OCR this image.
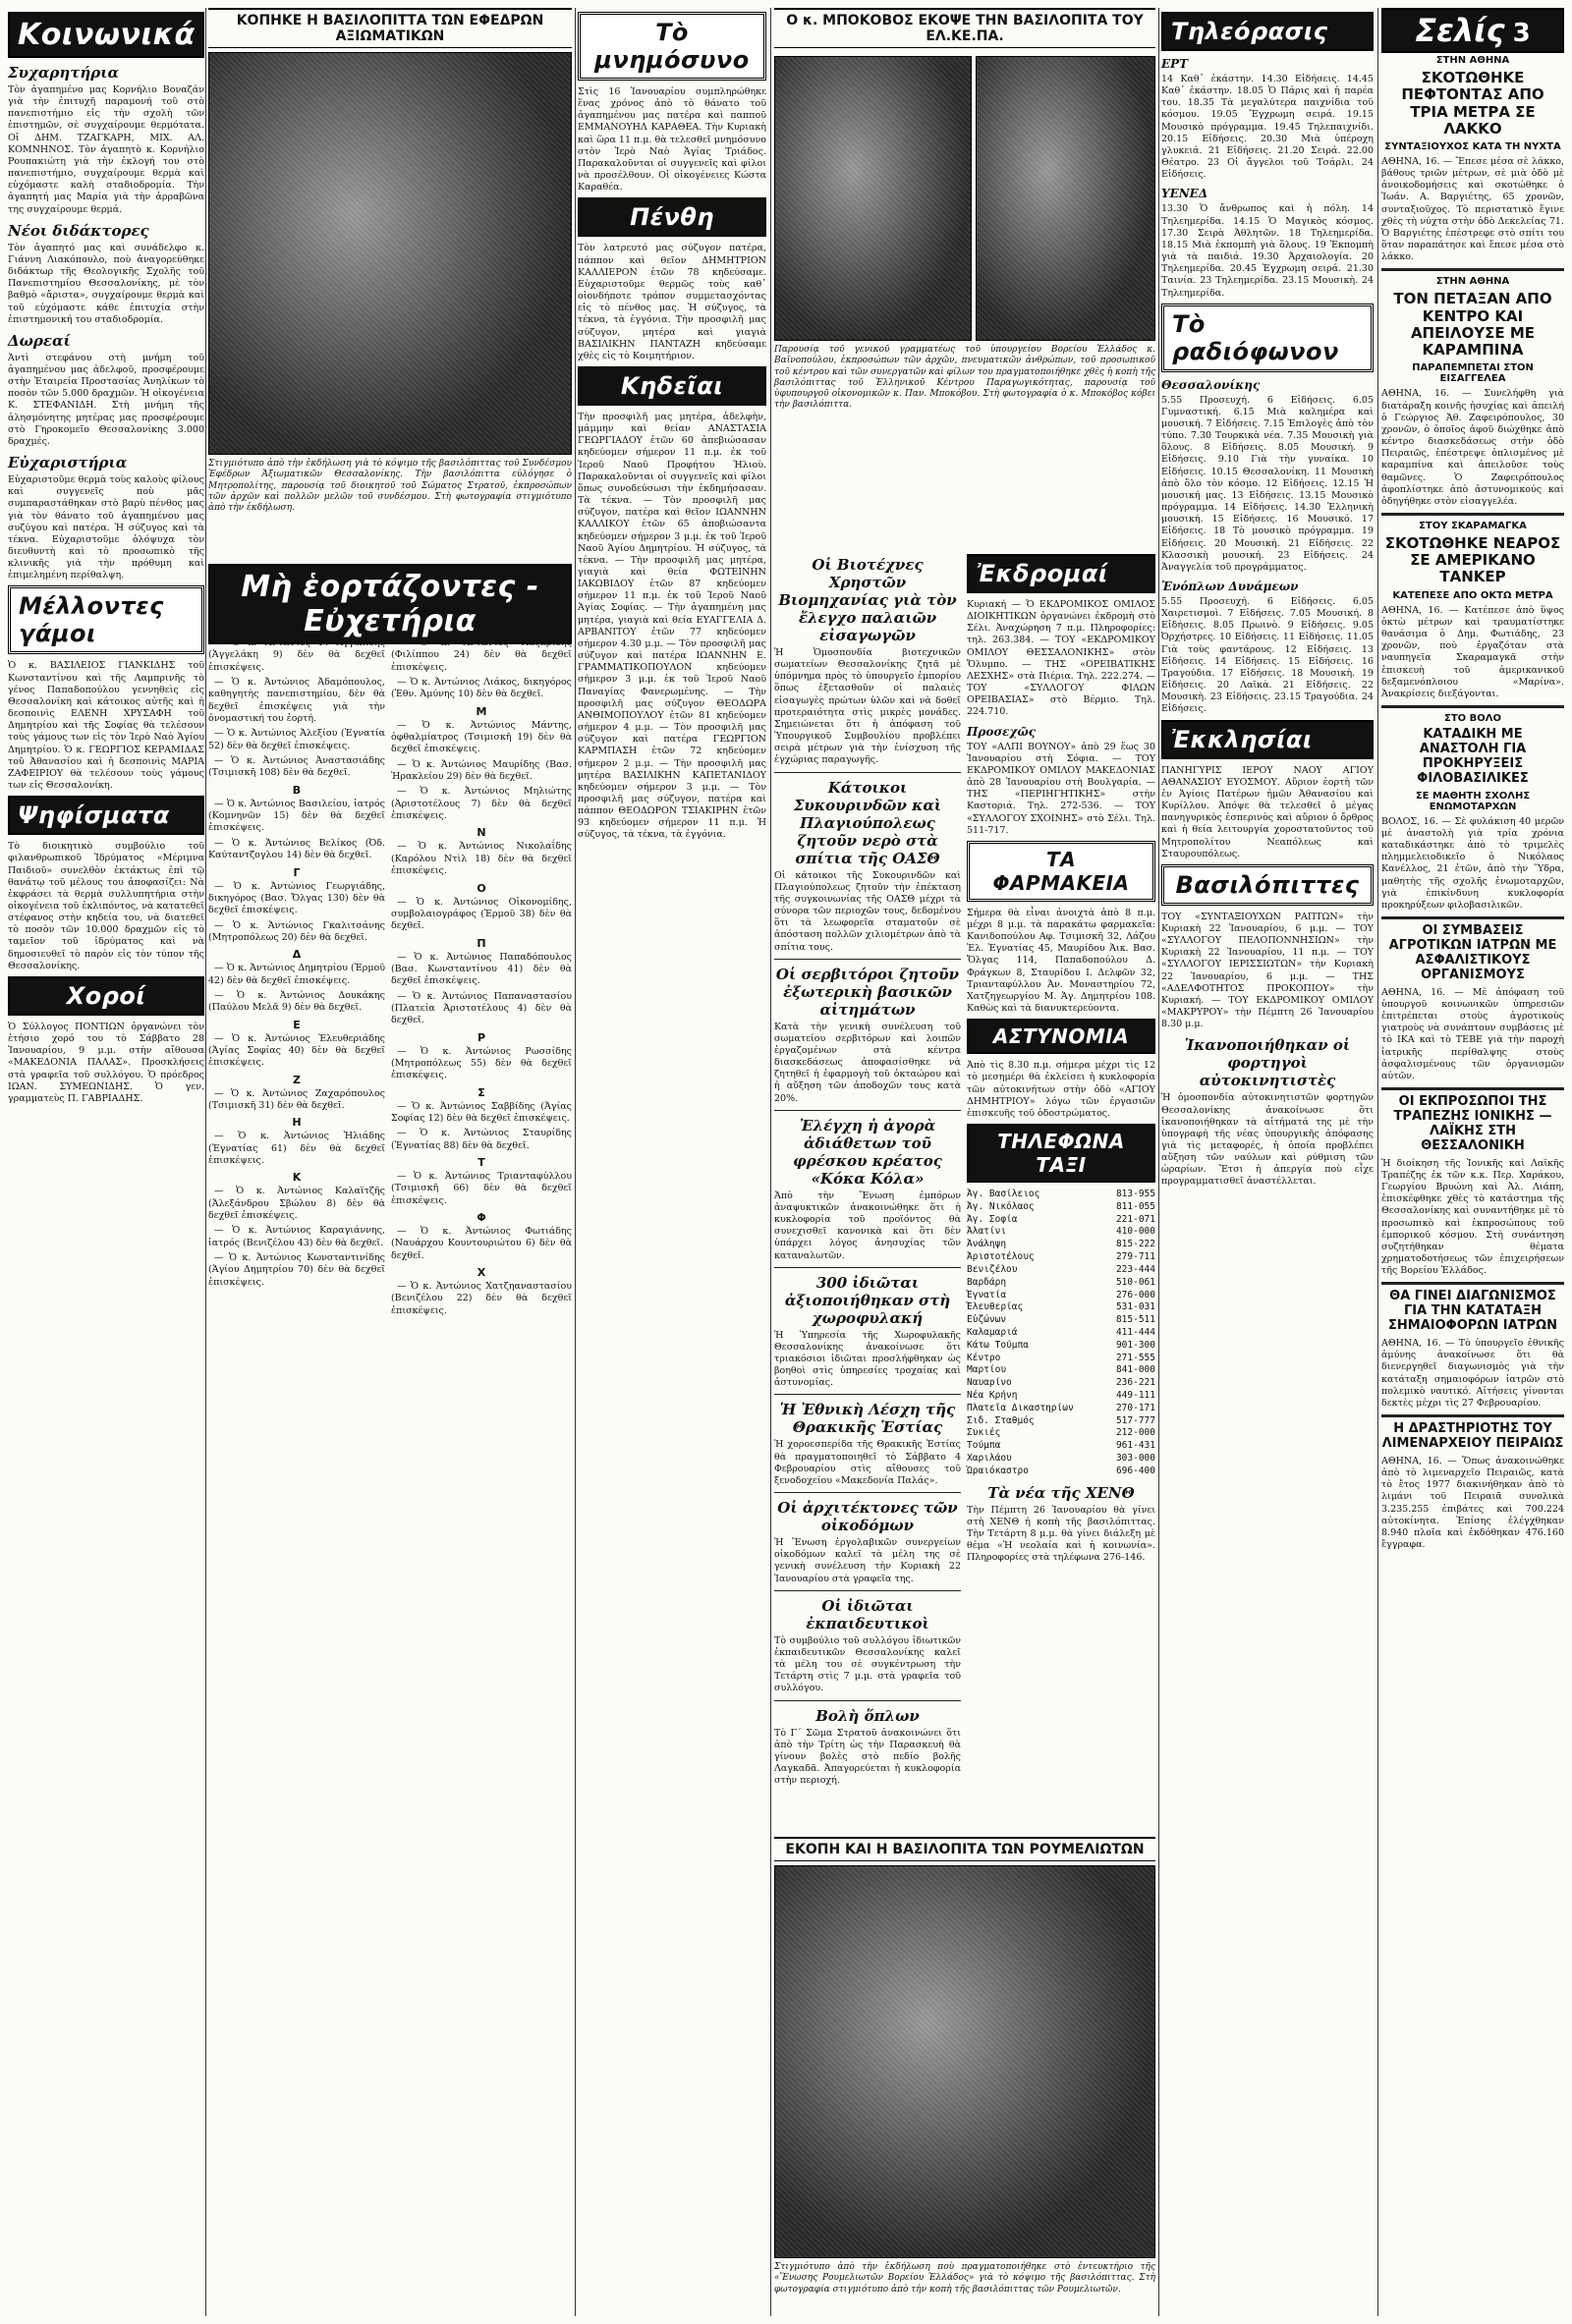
Κοινωνικά
Συχαρητήρια

Τὸν ἀγαπημένο μας Κορνήλιο Βοναζάν γιὰ τὴν ἐπιτυχῆ παραμονή τοῦ στὸ πανεπιστήμιο εἰς τὴν σχολὴ τῶν ἐπιστημῶν, σὲ συγχαίρουμε θερμότατα. Οἱ ΔΗΜ. ΤΖΑΓΚΑΡΗ, ΜΙΧ. ΑΛ. ΚΟΜΝΗΝΟΣ. Τὸν ἀγαπητὸ κ. Κορνήλιο Ρουπακιώτη γιὰ τὴν ἐκλογή του στὸ πανεπιστήμιο, συγχαίρουμε θερμὰ καὶ εὐχόμαστε καλὴ σταδιοδρομία. Τὴν ἀγαπητή μας Μαρία γιὰ τὴν ἀρραβῶνα της συγχαίρουμε θερμά.

Νέοι διδάκτορες

Τὸν ἀγαπητό μας καὶ συνάδελφο κ. Γιάννη Λιακόπουλο, ποὺ ἀναγορεύθηκε διδάκτωρ τῆς Θεολογικῆς Σχολῆς τοῦ Πανεπιστημίου Θεσσαλονίκης, μὲ τὸν βαθμὸ «ἄριστα», συγχαίρουμε θερμὰ καὶ τοῦ εὐχόμαστε κάθε ἐπιτυχία στὴν ἐπιστημονική του σταδιοδρομία.

Δωρεαί

Ἀντὶ στεφάνου στὴ μνήμη τοῦ ἀγαπημένου μας ἀδελφοῦ, προσφέρουμε στὴν Ἑταιρεία Προστασίας Ἀνηλίκων τὸ ποσὸν τῶν 5.000 δραχμῶν. Ἡ οἰκογένεια Κ. ΣΤΕΦΑΝΙΔΗ. Στὴ μνήμη τῆς ἀλησμόνητης μητέρας μας προσφέρουμε στὸ Γηροκομεῖο Θεσσαλονίκης 3.000 δραχμές.

Εὐχαριστήρια

Εὐχαριστοῦμε θερμὰ τοὺς καλοὺς φίλους καὶ συγγενεῖς ποὺ μᾶς συμπαραστάθηκαν στὸ βαρὺ πένθος μας γιὰ τὸν θάνατο τοῦ ἀγαπημένου μας συζύγου καὶ πατέρα. Ἡ σύζυγος καὶ τὰ τέκνα. Εὐχαριστοῦμε ὁλόψυχα τὸν διευθυντὴ καὶ τὸ προσωπικὸ τῆς κλινικῆς γιὰ τὴν πρόθυμη καὶ ἐπιμελημένη περίθαλψη.

Μέλλοντες γάμοι

Ὁ κ. ΒΑΣΙΛΕΙΟΣ ΓΙΑΝΚΙΔΗΣ τοῦ Κωνσταντίνου καὶ τῆς Λαμπρινῆς τὸ γένος Παπαδοπούλου γεννηθεὶς εἰς Θεσσαλονίκη καὶ κάτοικος αὐτῆς καὶ ἡ δεσποινὶς ΕΛΕΝΗ ΧΡΥΣΑΦΗ τοῦ Δημητρίου καὶ τῆς Σοφίας θὰ τελέσουν τοὺς γάμους των εἰς τὸν Ἱερὸ Ναὸ Ἁγίου Δημητρίου. Ὁ κ. ΓΕΩΡΓΙΟΣ ΚΕΡΑΜΙΔΑΣ τοῦ Ἀθανασίου καὶ ἡ δεσποινὶς ΜΑΡΙΑ ΖΑΦΕΙΡΙΟΥ θὰ τελέσουν τοὺς γάμους των εἰς Θεσσαλονίκη.

Ψηφίσματα

Τὸ διοικητικὸ συμβούλιο τοῦ φιλανθρωπικοῦ Ἱδρύματος «Μέριμνα Παιδιοῦ» συνελθὸν ἐκτάκτως ἐπὶ τῷ θανάτῳ τοῦ μέλους του ἀποφασίζει: Νὰ ἐκφράσει τὰ θερμὰ συλλυπητήρια στὴν οἰκογένεια τοῦ ἐκλιπόντος, νὰ κατατεθεῖ στέφανος στὴν κηδεία του, νὰ διατεθεῖ τὸ ποσὸν τῶν 10.000 δραχμῶν εἰς τὸ ταμεῖον τοῦ ἱδρύματος καὶ νὰ δημοσιευθεῖ τὸ παρὸν εἰς τὸν τύπον τῆς Θεσσαλονίκης.

Χοροί

Ὁ Σύλλογος ΠΟΝΤΙΩΝ ὀργανώνει τὸν ἐτήσιο χορό του τὸ Σάββατο 28 Ἰανουαρίου, 9 μ.μ. στὴν αἴθουσα «ΜΑΚΕΔΟΝΙΑ ΠΑΛΑΣ». Προσκλήσεις στὰ γραφεῖα τοῦ συλλόγου. Ὁ πρόεδρος ΙΩΑΝ. ΣΥΜΕΩΝΙΔΗΣ. Ὁ γεν. γραμματεὺς Π. ΓΑΒΡΙΑΔΗΣ.

ΚΟΠΗΚΕ Η ΒΑΣΙΛΟΠΙΤΤΑ ΤΩΝ ΕΦΕΔΡΩΝ ΑΞΙΩΜΑΤΙΚΩΝ

Στιγμιότυπο ἀπὸ τὴν ἐκδήλωση γιὰ τὸ κόψιμο τῆς βασιλόπιττας τοῦ Συνδέσμου Ἐφέδρων Ἀξιωματικῶν Θεσσαλονίκης. Τὴν βασιλόπιττα εὐλόγησε ὁ Μητροπολίτης, παρουσίᾳ τοῦ διοικητοῦ τοῦ Σώματος Στρατοῦ, ἐκπροσώπων τῶν ἀρχῶν καὶ πολλῶν μελῶν τοῦ συνδέσμου. Στὴ φωτογραφία στιγμιότυπο ἀπὸ τὴν ἐκδήλωση.

Μὴ ἑορτάζοντες - Εὐχετήρια
Α

— Ὁ κ. Ἀντώνιος Γ. Ἀγγελίδης (Ἀγγελάκη 9) δὲν θὰ δεχθεῖ ἐπισκέψεις.

— Ὁ κ. Ἀντώνιος Ἀδαμόπουλος, καθηγητὴς πανεπιστημίου, δὲν θὰ δεχθεῖ ἐπισκέψεις γιὰ τὴν ὀνομαστική του ἑορτή.

— Ὁ κ. Ἀντώνιος Ἀλεξίου (Ἐγνατία 52) δὲν θὰ δεχθεῖ ἐπισκέψεις.

— Ὁ κ. Ἀντώνιος Ἀναστασιάδης (Τσιμισκῆ 108) δὲν θὰ δεχθεῖ.

Β

— Ὁ κ. Ἀντώνιος Βασιλείου, ἰατρός (Κομνηνῶν 15) δὲν θὰ δεχθεῖ ἐπισκέψεις.

— Ὁ κ. Ἀντώνιος Βελίκος (Ὀδ. Καύταντζογλου 14) δὲν θὰ δεχθεῖ.

Γ

— Ὁ κ. Ἀντώνιος Γεωργιάδης, δικηγόρος (Βασ. Ὄλγας 130) δὲν θὰ δεχθεῖ ἐπισκέψεις.

— Ὁ κ. Ἀντώνιος Γκαλιτσάνης (Μητροπόλεως 20) δὲν θὰ δεχθεῖ.

Δ

— Ὁ κ. Ἀντώνιος Δημητρίου (Ἑρμοῦ 42) δὲν θὰ δεχθεῖ ἐπισκέψεις.

— Ὁ κ. Ἀντώνιος Δουκάκης (Παύλου Μελᾶ 9) δὲν θὰ δεχθεῖ.

Ε

— Ὁ κ. Ἀντώνιος Ἐλευθεριάδης (Ἀγίας Σοφίας 40) δὲν θὰ δεχθεῖ ἐπισκέψεις.

Ζ

— Ὁ κ. Ἀντώνιος Ζαχαρόπουλος (Τσιμισκῆ 31) δὲν θὰ δεχθεῖ.

Η

— Ὁ κ. Ἀντώνιος Ἠλιάδης (Ἐγνατίας 61) δὲν θὰ δεχθεῖ ἐπισκέψεις.

Κ

— Ὁ κ. Ἀντώνιος Καλαϊτζῆς (Ἀλεξάνδρου Σβώλου 8) δὲν θὰ δεχθεῖ ἐπισκέψεις.

— Ὁ κ. Ἀντώνιος Καραγιάννης, ἰατρός (Βενιζέλου 43) δὲν θὰ δεχθεῖ.

— Ὁ κ. Ἀντώνιος Κωνσταντινίδης (Ἁγίου Δημητρίου 70) δὲν θὰ δεχθεῖ ἐπισκέψεις.

Λ

— Ὁ κ. Ἀντώνιος Λαζαρίδης (Φιλίππου 24) δὲν θὰ δεχθεῖ ἐπισκέψεις.

— Ὁ κ. Ἀντώνιος Λιάκος, δικηγόρος (Ἐθν. Ἀμύνης 10) δὲν θὰ δεχθεῖ.

Μ

— Ὁ κ. Ἀντώνιος Μάντης, ὀφθαλμίατρος (Τσιμισκῆ 19) δὲν θὰ δεχθεῖ ἐπισκέψεις.

— Ὁ κ. Ἀντώνιος Μαυρίδης (Βασ. Ἡρακλείου 29) δὲν θὰ δεχθεῖ.

— Ὁ κ. Ἀντώνιος Μηλιώτης (Ἀριστοτέλους 7) δὲν θὰ δεχθεῖ ἐπισκέψεις.

Ν

— Ὁ κ. Ἀντώνιος Νικολαΐδης (Καρόλου Ντὶλ 18) δὲν θὰ δεχθεῖ ἐπισκέψεις.

Ο

— Ὁ κ. Ἀντώνιος Οἰκονομίδης, συμβολαιογράφος (Ἑρμοῦ 38) δὲν θὰ δεχθεῖ.

Π

— Ὁ κ. Ἀντώνιος Παπαδόπουλος (Βασ. Κωνσταντίνου 41) δὲν θὰ δεχθεῖ ἐπισκέψεις.

— Ὁ κ. Ἀντώνιος Παπαναστασίου (Πλατεία Ἀριστοτέλους 4) δὲν θὰ δεχθεῖ.

Ρ

— Ὁ κ. Ἀντώνιος Ρωσσίδης (Μητροπόλεως 55) δὲν θὰ δεχθεῖ ἐπισκέψεις.

Σ

— Ὁ κ. Ἀντώνιος Σαββίδης (Ἀγίας Σοφίας 12) δὲν θὰ δεχθεῖ ἐπισκέψεις.

— Ὁ κ. Ἀντώνιος Σταυρίδης (Ἐγνατίας 88) δὲν θὰ δεχθεῖ.

Τ

— Ὁ κ. Ἀντώνιος Τριανταφύλλου (Τσιμισκῆ 66) δὲν θὰ δεχθεῖ ἐπισκέψεις.

Φ

— Ὁ κ. Ἀντώνιος Φωτιάδης (Ναυάρχου Κουντουριώτου 6) δὲν θὰ δεχθεῖ.

Χ

— Ὁ κ. Ἀντώνιος Χατζηαναστασίου (Βενιζέλου 22) δὲν θὰ δεχθεῖ ἐπισκέψεις.

Τὸ μνημόσυνο

Στὶς 16 Ἰανουαρίου συμπληρώθηκε ἕνας χρόνος ἀπὸ τὸ θάνατο τοῦ ἀγαπημένου μας πατέρα καὶ παπποῦ ΕΜΜΑΝΟΥΗΛ ΚΑΡΑΘΕΑ. Τὴν Κυριακὴ καὶ ὥρα 11 π.μ. θὰ τελεσθεῖ μνημόσυνο στὸν Ἱερὸ Ναὸ Ἁγίας Τριάδος. Παρακαλοῦνται οἱ συγγενεῖς καὶ φίλοι νὰ προσέλθουν. Οἱ οἰκογένειες Κώστα Καραθέα.

Πένθη

Τὸν λατρευτό μας σύζυγον πατέρα, πάππον καὶ θεῖον ΔΗΜΗΤΡΙΟΝ ΚΑΛΛΙΕΡΟΝ ἐτῶν 78 κηδεύσαμε. Εὐχαριστοῦμε θερμῶς τοὺς καθ᾽ οἱονδήποτε τρόπον συμμετασχόντας εἰς τὸ πένθος μας. Ἡ σύζυγος, τὰ τέκνα, τὰ ἐγγόνια. Τὴν προσφιλῆ μας σύζυγον, μητέρα καὶ γιαγιὰ ΒΑΣΙΛΙΚΗΝ ΠΑΝΤΑΖΗ κηδεύσαμε χθὲς εἰς τὸ Κοιμητήριον.

Κηδεῖαι

Τὴν προσφιλῆ μας μητέρα, ἀδελφὴν, μάμμην καὶ θείαν ΑΝΑΣΤΑΣΙΑ ΓΕΩΡΓΙΑΔΟΥ ἐτῶν 60 ἀπεβιώσασαν κηδεύομεν σήμερον 11 π.μ. ἐκ τοῦ Ἱεροῦ Ναοῦ Προφήτου Ἠλιοὺ. Παρακαλοῦνται οἱ συγγενεῖς καὶ φίλοι ὅπως συνοδεύσωσι τὴν ἐκδημήσασαν. Τὰ τέκνα. — Τὸν προσφιλῆ μας σύζυγον, πατέρα καὶ θεῖον ΙΩΑΝΝΗΝ ΚΑΛΛΙΚΟΥ ἐτῶν 65 ἀποβιώσαντα κηδεύομεν σήμερον 3 μ.μ. ἐκ τοῦ Ἱεροῦ Ναοῦ Ἁγίου Δημητρίου. Ἡ σύζυγος, τὰ τέκνα. — Τὴν προσφιλῆ μας μητέρα, γιαγιὰ καὶ θεία ΦΩΤΕΙΝΗΝ ΙΑΚΩΒΙΔΟΥ ἐτῶν 87 κηδεύομεν σήμερον 11 π.μ. ἐκ τοῦ Ἱεροῦ Ναοῦ Ἁγίας Σοφίας. — Τὴν ἀγαπημένη μας μητέρα, γιαγιὰ καὶ θεία ΕΥΑΓΓΕΛΙΑ Δ. ΑΡΒΑΝΙΤΟΥ ἐτῶν 77 κηδεύομεν σήμερον 4.30 μ.μ. — Τὸν προσφιλῆ μας σύζυγον καὶ πατέρα ΙΩΑΝΝΗΝ Ε. ΓΡΑΜΜΑΤΙΚΟΠΟΥΛΟΝ κηδεύομεν σήμερον 3 μ.μ. ἐκ τοῦ Ἱεροῦ Ναοῦ Παναγίας Φανερωμένης. — Τὴν προσφιλῆ μας σύζυγον ΘΕΟΔΩΡΑ ΑΝΘΙΜΟΠΟΥΛΟΥ ἐτῶν 81 κηδεύομεν σήμερον 4 μ.μ. — Τὸν προσφιλῆ μας σύζυγον καὶ πατέρα ΓΕΩΡΓΙΟΝ ΚΑΡΜΠΑΣΗ ἐτῶν 72 κηδεύομεν σήμερον 2 μ.μ. — Τὴν προσφιλῆ μας μητέρα ΒΑΣΙΛΙΚΗΝ ΚΑΠΕΤΑΝΙΔΟΥ κηδεύομεν σήμερον 3 μ.μ. — Τὸν προσφιλῆ μας σύζυγον, πατέρα καὶ πάππον ΘΕΟΔΩΡΟΝ ΤΣΙΑΚΙΡΗΝ ἐτῶν 93 κηδεύομεν σήμερον 11 π.μ. Ἡ σύζυγος, τὰ τέκνα, τὰ ἐγγόνια.

Ο κ. ΜΠΟΚΟΒΟΣ ΕΚΟΨΕ ΤΗΝ ΒΑΣΙΛΟΠΙΤΑ ΤΟΥ ΕΛ.ΚΕ.ΠΑ.

Παρουσίᾳ τοῦ γενικοῦ γραμματέως τοῦ ὑπουργείου Βορείου Ἑλλάδος κ. Βαϊνοπούλου, ἐκπροσώπων τῶν ἀρχῶν, πνευματικῶν ἀνθρώπων, τοῦ προσωπικοῦ τοῦ κέντρου καὶ τῶν συνεργατῶν καὶ φίλων του πραγματοποιήθηκε χθὲς ἡ κοπὴ τῆς βασιλόπιττας τοῦ Ἑλληνικοῦ Κέντρου Παραγωγικότητας, παρουσίᾳ τοῦ ὑφυπουργοῦ οἰκονομικῶν κ. Παν. Μποκόβου. Στὴ φωτογραφία ὁ κ. Μποκόβος κόβει τὴν βασιλόπιττα.

Οἱ Βιοτέχνες Χρηστῶν Βιομηχανίας γιὰ τὸν ἔλεγχο παλαιῶν εἰσαγωγῶν

Ἡ Ὁμοσπονδία βιοτεχνικῶν σωματείων Θεσσαλονίκης ζητᾶ μὲ ὑπόμνημα πρὸς τὸ ὑπουργεῖο ἐμπορίου ὅπως ἐξετασθοῦν οἱ παλαιὲς εἰσαγωγὲς πρώτων ὑλῶν καὶ νὰ δοθεῖ προτεραιότητα στὶς μικρὲς μονάδες. Σημειώνεται ὅτι ἡ ἀπόφαση τοῦ Ὑπουργικοῦ Συμβουλίου προβλέπει σειρὰ μέτρων γιὰ τὴν ἐνίσχυση τῆς ἐγχώριας παραγωγῆς.

Κάτοικοι Συκουρινδῶν καὶ Πλαγιούπολεως ζητοῦν νερὸ στὰ σπίτια τῆς ΟΑΣΘ

Οἱ κάτοικοι τῆς Συκουρινδῶν καὶ Πλαγιούπολεως ζητοῦν τὴν ἐπέκταση τῆς συγκοινωνίας τῆς ΟΑΣΘ μέχρι τὰ σύνορα τῶν περιοχῶν τους, δεδομένου ὅτι τὰ λεωφορεῖα σταματοῦν σὲ ἀπόσταση πολλῶν χιλιομέτρων ἀπὸ τὰ σπίτια τους.

Οἱ σερβιτόροι ζητοῦν ἐξωτερικὴ βασικῶν αἰτημάτων

Κατὰ τὴν γενικὴ συνέλευση τοῦ σωματείου σερβιτόρων καὶ λοιπῶν ἐργαζομένων στὰ κέντρα διασκεδάσεως ἀποφασίσθηκε νὰ ζητηθεῖ ἡ ἐφαρμογὴ τοῦ ὀκταώρου καὶ ἡ αὔξηση τῶν ἀποδοχῶν τους κατὰ 20%.

Ἐλέγχη ἡ ἀγορὰ ἀδιάθετων τοῦ φρέσκου κρέατος «Κόκα Κόλα»

Ἀπὸ τὴν Ἕνωση ἐμπόρων ἀναψυκτικῶν ἀνακοινώθηκε ὅτι ἡ κυκλοφορία τοῦ προϊόντος θὰ συνεχισθεῖ κανονικὰ καὶ ὅτι δὲν ὑπάρχει λόγος ἀνησυχίας τῶν καταναλωτῶν.

300 ἰδιῶται ἀξιοποιήθηκαν στὴ χωροφυλακή

Ἡ Ὑπηρεσία τῆς Χωροφυλακῆς Θεσσαλονίκης ἀνακοίνωσε ὅτι τριακόσιοι ἰδιῶται προσλήφθηκαν ὡς βοηθοὶ στὶς ὑπηρεσίες τροχαίας καὶ ἀστυνομίας.

Ἡ Ἐθνικὴ Λέσχη τῆς Θρακικῆς Ἑστίας

Ἡ χοροεσπερίδα τῆς Θρακικῆς Ἑστίας θὰ πραγματοποιηθεῖ τὸ Σάββατο 4 Φεβρουαρίου στὶς αἴθουσες τοῦ ξενοδοχείου «Μακεδονία Παλάς».

Οἱ ἀρχιτέκτονες τῶν οἰκοδόμων

Ἡ Ἕνωση ἐργολαβικῶν συνεργείων οἰκοδόμων καλεῖ τὰ μέλη της σὲ γενικὴ συνέλευση τὴν Κυριακὴ 22 Ἰανουαρίου στὰ γραφεῖα της.

Οἱ ἰδιῶται ἐκπαιδευτικοὶ

Τὸ συμβούλιο τοῦ συλλόγου ἰδιωτικῶν ἐκπαιδευτικῶν Θεσσαλονίκης καλεῖ τὰ μέλη του σὲ συγκέντρωση τὴν Τετάρτη στὶς 7 μ.μ. στὰ γραφεῖα τοῦ συλλόγου.

Βολὴ ὅπλων

Τὸ Γ΄ Σῶμα Στρατοῦ ἀνακοινώνει ὅτι ἀπὸ τὴν Τρίτη ὡς τὴν Παρασκευὴ θὰ γίνουν βολὲς στὸ πεδίο βολῆς Λαγκαδᾶ. Ἀπαγορεύεται ἡ κυκλοφορία στὴν περιοχή.

Ἐκδρομαί

Κυριακή — Ὁ ΕΚΔΡΟΜΙΚΟΣ ΟΜΙΛΟΣ ΔΙΟΙΚΗΤΙΚΩΝ ὀργανώνει ἐκδρομὴ στὸ Σέλι. Ἀναχώρηση 7 π.μ. Πληροφορίες: τηλ. 263.384. — ΤΟΥ «ΕΚΔΡΟΜΙΚΟΥ ΟΜΙΛΟΥ ΘΕΣΣΑΛΟΝΙΚΗΣ» στὸν Ὄλυμπο. — ΤΗΣ «ΟΡΕΙΒΑΤΙΚΗΣ ΛΕΣΧΗΣ» στὰ Πιέρια. Τηλ. 222.274. — ΤΟΥ «ΣΥΛΛΟΓΟΥ ΦΙΛΩΝ ΟΡΕΙΒΑΣΙΑΣ» στὸ Βέρμιο. Τηλ. 224.710.

Προσεχῶς

ΤΟΥ «ΑΛΠΙ ΒΟΥΝΟΥ» ἀπὸ 29 ἕως 30 Ἰανουαρίου στὴ Σόφια. — ΤΟΥ ΕΚΔΡΟΜΙΚΟΥ ΟΜΙΛΟΥ ΜΑΚΕΔΟΝΙΑΣ ἀπὸ 28 Ἰανουαρίου στὴ Βουλγαρία. — ΤΗΣ «ΠΕΡΙΗΓΗΤΙΚΗΣ» στὴν Καστοριά. Τηλ. 272-536. — ΤΟΥ «ΣΥΛΛΟΓΟΥ ΣΧΟΙΝΗΣ» στὸ Σέλι. Τηλ. 511-717.

ΤΑ ΦΑΡΜΑΚΕΙΑ

Σήμερα θὰ εἶναι ἀνοιχτὰ ἀπὸ 8 π.μ. μέχρι 8 μ.μ. τὰ παρακάτω φαρμακεῖα: Κανιδοπούλου Αφ. Τσιμισκῆ 32, Λάζου Ἐλ. Ἐγνατίας 45, Μαυρίδου Ἀικ. Βασ. Ὄλγας 114, Παπαδοπούλου Δ. Φράγκων 8, Σταυρίδου Ι. Δελφῶν 32, Τριανταφύλλου Ἀν. Μοναστηρίου 72, Χατζηγεωργίου Μ. Ἁγ. Δημητρίου 108. Καθὼς καὶ τὰ διανυκτερεύοντα.

ΑΣΤΥΝΟΜΙΑ

Ἀπὸ τὶς 8.30 π.μ. σήμερα μέχρι τὶς 12 τὸ μεσημέρι θὰ ἐκλείσει ἡ κυκλοφορία τῶν αὐτοκινήτων στὴν ὁδὸ «ΑΓΙΟΥ ΔΗΜΗΤΡΙΟΥ» λόγω τῶν ἐργασιῶν ἐπισκευῆς τοῦ ὁδοστρώματος.

ΤΗΛΕΦΩΝΑ ΤΑΞΙ
Ἀγ. Βασίλειος	813-955
Ἀγ. Νικόλαος	811-055
Ἀγ. Σοφία	221-071
Ἀλατίνι	410-000
Ἀνάληψη	815-222
Ἀριστοτέλους	279-711
Βενιζέλου	223-444
Βαρδάρη	510-061
Ἐγνατία	276-000
Ἐλευθερίας	531-031
Εὐζώνων	815-511
Καλαμαριά	411-444
Κάτω Τούμπα	901-300
Κέντρο	271-555
Μαρτίου	841-000
Ναυαρίνο	236-221
Νέα Κρήνη	449-111
Πλατεῖα Δικαστηρίων	270-171
Σιδ. Σταθμός	517-777
Συκιές	212-000
Τούμπα	961-431
Χαριλάου	303-000
Ὡραιόκαστρο	696-400
Τὰ νέα τῆς ΧΕΝΘ

Τὴν Πέμπτη 26 Ἰανουαρίου θὰ γίνει στὴ ΧΕΝΘ ἡ κοπὴ τῆς βασιλόπιττας. Τὴν Τετάρτη 8 μ.μ. θὰ γίνει διάλεξη μὲ θέμα «Ἡ νεολαία καὶ ἡ κοινωνία». Πληροφορίες στὰ τηλέφωνα 276-146.

ΕΚΟΠΗ ΚΑΙ Η ΒΑΣΙΛΟΠΙΤΑ ΤΩΝ ΡΟΥΜΕΛΙΩΤΩΝ

Στιγμιότυπο ἀπὸ τὴν ἐκδήλωση ποὺ πραγματοποιήθηκε στὸ ἐντευκτήριο τῆς «Ἕνωσης Ρουμελιωτῶν Βορείου Ἑλλάδος» γιὰ τὸ κόψιμο τῆς βασιλόπιττας. Στὴ φωτογραφία στιγμιότυπο ἀπὸ τὴν κοπὴ τῆς βασιλόπιττας τῶν Ρουμελιωτῶν.

Τηλεόρασις
ΕΡΤ

14 Καθ᾽ ἑκάστην. 14.30 Εἰδήσεις. 14.45 Καθ᾽ ἑκάστην. 18.05 Ὁ Πάρις καὶ ἡ παρέα του. 18.35 Τὰ μεγαλύτερα παιχνίδια τοῦ κόσμου. 19.05 Ἔγχρωμη σειρά. 19.15 Μουσικὸ πρόγραμμα. 19.45 Τηλεπαιχνίδι. 20.15 Εἰδήσεις. 20.30 Μιὰ ὑπέροχη γλυκειά. 21 Εἰδήσεις. 21.20 Σειρά. 22.00 Θέατρο. 23 Οἱ ἄγγελοι τοῦ Τσάρλι. 24 Εἰδήσεις.

ΥΕΝΕΔ

13.30 Ὁ ἄνθρωπος καὶ ἡ πόλη. 14 Τηλεημερίδα. 14.15 Ὁ Μαγικὸς κόσμος. 17.30 Σειρὰ Ἀθλητῶν. 18 Τηλεημερίδα. 18.15 Μιὰ ἐκπομπὴ γιὰ ὅλους. 19 Ἐκπομπὴ γιὰ τὰ παιδιά. 19.30 Ἀρχαιολογία. 20 Τηλεημερίδα. 20.45 Ἐγχρωμη σειρά. 21.30 Ταινία. 23 Τηλεημερίδα. 23.15 Μουσικὴ. 24 Τηλεημερίδα.

Τὸ ραδιόφωνον
Θεσσαλονίκης

5.55 Προσευχή. 6 Εἰδήσεις. 6.05 Γυμναστική. 6.15 Μιὰ καλημέρα καὶ μουσική. 7 Εἰδήσεις. 7.15 Ἐπιλογὲς ἀπὸ τὸν τύπο. 7.30 Τουρκικὰ νέα. 7.35 Μουσικὴ γιὰ ὅλους. 8 Εἰδήσεις. 8.05 Μουσική. 9 Εἰδήσεις. 9.10 Γιὰ τὴν γυναίκα. 10 Εἰδήσεις. 10.15 Θεσσαλονίκη. 11 Μουσικὴ ἀπὸ ὅλο τὸν κόσμο. 12 Εἰδήσεις. 12.15 Ἡ μουσική μας. 13 Εἰδήσεις. 13.15 Μουσικὸ πρόγραμμα. 14 Εἰδήσεις. 14.30 Ἐλληνικὴ μουσική. 15 Εἰδήσεις. 16 Μουσικό. 17 Εἰδήσεις. 18 Τὸ μουσικὸ πρόγραμμα. 19 Εἰδήσεις. 20 Μουσική. 21 Εἰδήσεις. 22 Κλασσικὴ μουσική. 23 Εἰδήσεις. 24 Ἀναγγελία τοῦ προγράμματος.

Ἐνόπλων Δυνάμεων

5.55 Προσευχή. 6 Εἰδήσεις. 6.05 Χαιρετισμοὶ. 7 Εἰδήσεις. 7.05 Μουσική. 8 Εἰδήσεις. 8.05 Πρωινὸ. 9 Εἰδήσεις. 9.05 Ὀρχήστρες. 10 Εἰδήσεις. 11 Εἰδήσεις. 11.05 Γιὰ τοὺς φαντάρους. 12 Εἰδήσεις. 13 Εἰδήσεις. 14 Εἰδήσεις. 15 Εἰδήσεις. 16 Τραγούδια. 17 Εἰδήσεις. 18 Μουσικὴ. 19 Εἰδήσεις. 20 Λαϊκὰ. 21 Εἰδήσεις. 22 Μουσικὴ. 23 Εἰδήσεις. 23.15 Τραγούδια. 24 Εἰδήσεις.

Ἐκκλησίαι

ΠΑΝΗΓΥΡΙΣ ΙΕΡΟΥ ΝΑΟΥ ΑΓΙΟΥ ΑΘΑΝΑΣΙΟΥ ΕΥΟΣΜΟΥ. Αὔριον ἑορτὴ τῶν ἐν Ἁγίοις Πατέρων ἡμῶν Ἀθανασίου καὶ Κυρίλλου. Ἀπόψε θὰ τελεσθεῖ ὁ μέγας πανηγυρικὸς ἑσπερινὸς καὶ αὔριον ὁ ὄρθρος καὶ ἡ θεία λειτουργία χοροστατοῦντος τοῦ Μητροπολίτου Νεαπόλεως καὶ Σταυρουπόλεως.

Βασιλόπιττες

ΤΟΥ «ΣΥΝΤΑΞΙΟΥΧΩΝ ΡΑΠΤΩΝ» τὴν Κυριακὴ 22 Ἰανουαρίου, 6 μ.μ. — ΤΟΥ «ΣΥΛΛΟΓΟΥ ΠΕΛΟΠΟΝΝΗΣΙΩΝ» τὴν Κυριακὴ 22 Ἰανουαρίου, 11 π.μ. — ΤΟΥ «ΣΥΛΛΟΓΟΥ ΙΕΡΙΣΣΙΩΤΩΝ» τὴν Κυριακὴ 22 Ἰανουαρίου, 6 μ.μ. — ΤΗΣ «ΑΔΕΛΦΟΤΗΤΟΣ ΠΡΟΚΟΠΙΟΥ» τὴν Κυριακή. — ΤΟΥ ΕΚΔΡΟΜΙΚΟΥ ΟΜΙΛΟΥ «ΜΑΚΡΥΡΟΥ» τὴν Πέμπτη 26 Ἰανουαρίου 8.30 μ.μ.

Ἱκανοποιήθηκαν οἱ φορτηγοὶ αὐτοκινητιστὲς

Ἡ ὁμοσπονδία αὐτοκινητιστῶν φορτηγῶν Θεσσαλονίκης ἀνακοίνωσε ὅτι ἱκανοποιήθηκαν τὰ αἰτήματά της μὲ τὴν ὑπογραφὴ τῆς νέας ὑπουργικῆς ἀπόφασης γιὰ τὶς μεταφορές, ἡ ὁποία προβλέπει αὔξηση τῶν ναύλων καὶ ρύθμιση τῶν ὡραρίων. Ἔτσι ἡ ἀπεργία ποὺ εἶχε προγραμματισθεῖ ἀναστέλλεται.

Σελίς 3
ΣΤΗΝ ΑΘΗΝΑ
ΣΚΟΤΩΘΗΚΕ ΠΕΦΤΟΝΤΑΣ ΑΠΟ ΤΡΙΑ ΜΕΤΡΑ ΣΕ ΛΑΚΚΟ
ΣΥΝΤΑΞΙΟΥΧΟΣ ΚΑΤΑ ΤΗ ΝΥΧΤΑ

ΑΘΗΝΑ, 16. — Ἔπεσε μέσα σὲ λάκκο, βάθους τριῶν μέτρων, σὲ μιὰ ὁδὸ μὲ ἀνοικοδομήσεις καὶ σκοτώθηκε ὁ Ἰωάν. Α. Βαργιέτης, 65 χρονῶν, συνταξιοῦχος. Τὸ περιστατικὸ ἔγινε χθὲς τὴ νύχτα στὴν ὁδὸ Δεκελείας 71. Ὁ Βαργιέτης ἐπέστρεφε στὸ σπίτι του ὅταν παραπάτησε καὶ ἔπεσε μέσα στὸ λάκκο.

ΣΤΗΝ ΑΘΗΝΑ
ΤΟΝ ΠΕΤΑΞΑΝ ΑΠΟ ΚΕΝΤΡΟ ΚΑΙ ΑΠΕΙΛΟΥΣΕ ΜΕ ΚΑΡΑΜΠΙΝΑ
ΠΑΡΑΠΕΜΠΕΤΑΙ ΣΤΟΝ ΕΙΣΑΓΓΕΛΕΑ

ΑΘΗΝΑ, 16. — Συνελήφθη γιὰ διατάραξη κοινῆς ἡσυχίας καὶ ἀπειλή ὁ Γεώργιος Ἀθ. Ζαφειρόπουλος, 30 χρονῶν, ὁ ὁποῖος ἀφοῦ διώχθηκε ἀπὸ κέντρο διασκεδάσεως στὴν ὁδὸ Πειραιῶς, ἐπέστρεψε ὁπλισμένος μὲ καραμπίνα καὶ ἀπειλοῦσε τοὺς θαμῶνες. Ὁ Ζαφειρόπουλος ἀφοπλίστηκε ἀπὸ ἀστυνομικούς καὶ ὁδηγήθηκε στὸν εἰσαγγελέα.

ΣΤΟΥ ΣΚΑΡΑΜΑΓΚΑ
ΣΚΟΤΩΘΗΚΕ ΝΕΑΡΟΣ ΣΕ ΑΜΕΡΙΚΑΝΟ ΤΑΝΚΕΡ
ΚΑΤΕΠΕΣΕ ΑΠΟ ΟΚΤΩ ΜΕΤΡΑ

ΑΘΗΝΑ, 16. — Κατέπεσε ἀπὸ ὕψος ὀκτὼ μέτρων καὶ τραυματίστηκε θανάσιμα ὁ Δημ. Φωτιάδης, 23 χρονῶν, ποὺ ἐργαζόταν στὰ ναυπηγεῖα Σκαραμαγκᾶ στὴν ἐπισκευὴ τοῦ ἀμερικανικοῦ δεξαμενόπλοιου «Μαρίνα». Ἀνακρίσεις διεξάγονται.

ΣΤΟ ΒΟΛΟ
ΚΑΤΑΔΙΚΗ ΜΕ ΑΝΑΣΤΟΛΗ ΓΙΑ ΠΡΟΚΗΡΥΞΕΙΣ ΦΙΛΟΒΑΣΙΛΙΚΕΣ
ΣΕ ΜΑΘΗΤΗ ΣΧΟΛΗΣ ΕΝΩΜΟΤΑΡΧΩΝ

ΒΟΛΟΣ, 16. — Σὲ φυλάκιση 40 μερῶν μὲ ἀναστολὴ γιὰ τρία χρόνια καταδικάστηκε ἀπὸ τὸ τριμελὲς πλημμελειοδικεῖο ὁ Νικόλαος Κανέλλος, 21 ἐτῶν, ἀπὸ τὴν Ὕδρα, μαθητὴς τῆς σχολῆς ἐνωμοταρχῶν, γιὰ ἐπικίνδυνη κυκλοφορία προκηρύξεων φιλοβασιλικῶν.

ΟΙ ΣΥΜΒΑΣΕΙΣ ΑΓΡΟΤΙΚΩΝ ΙΑΤΡΩΝ ΜΕ ΑΣΦΑΛΙΣΤΙΚΟΥΣ ΟΡΓΑΝΙΣΜΟΥΣ

ΑΘΗΝΑ, 16. — Μὲ ἀπόφαση τοῦ ὑπουργοῦ κοινωνικῶν ὑπηρεσιῶν ἐπιτρέπεται στοὺς ἀγροτικοὺς γιατροὺς νὰ συνάπτουν συμβάσεις μὲ τὸ ΙΚΑ καὶ τὸ ΤΕΒΕ γιὰ τὴν παροχὴ ἰατρικῆς περίθαλψης στοὺς ἀσφαλισμένους τῶν ὀργανισμῶν αὐτῶν.

ΟΙ ΕΚΠΡΟΣΩΠΟΙ ΤΗΣ ΤΡΑΠΕΖΗΣ ΙΟΝΙΚΗΣ — ΛΑΪΚΗΣ ΣΤΗ ΘΕΣΣΑΛΟΝΙΚΗ

Ἡ διοίκηση τῆς Ἰονικῆς καὶ Λαϊκῆς Τραπέζης ἐκ τῶν κ.κ. Περ. Χαράκου, Γεωργίου Βρυώνη καὶ Ἀλ. Λιάπη, ἐπισκέφθηκε χθὲς τὸ κατάστημα τῆς Θεσσαλονίκης καὶ συναντήθηκε μὲ τὸ προσωπικὸ καὶ ἐκπροσώπους τοῦ ἐμπορικοῦ κόσμου. Στὴ συνάντηση συζητήθηκαν θέματα χρηματοδοτήσεως τῶν ἐπιχειρήσεων τῆς Βορείου Ἑλλάδος.

ΘΑ ΓΙΝΕΙ ΔΙΑΓΩΝΙΣΜΟΣ ΓΙΑ ΤΗΝ ΚΑΤΑΤΑΞΗ ΣΗΜΑΙΟΦΟΡΩΝ ΙΑΤΡΩΝ

ΑΘΗΝΑ, 16. — Τὸ ὑπουργεῖο ἐθνικῆς ἀμύνης ἀνακοίνωσε ὅτι θὰ διενεργηθεῖ διαγωνισμὸς γιὰ τὴν κατάταξη σημαιοφόρων ἰατρῶν στὸ πολεμικὸ ναυτικό. Αἰτήσεις γίνονται δεκτὲς μέχρι τὶς 27 Φεβρουαρίου.

Η ΔΡΑΣΤΗΡΙΟΤΗΣ ΤΟΥ ΛΙΜΕΝΑΡΧΕΙΟΥ ΠΕΙΡΑΙΩΣ

ΑΘΗΝΑ, 16. — Ὅπως ἀνακοινώθηκε ἀπὸ τὸ λιμεναρχεῖο Πειραιῶς, κατὰ τὸ ἔτος 1977 διακινήθηκαν ἀπὸ τὸ λιμάνι τοῦ Πειραιᾶ συνολικὰ 3.235.255 ἐπιβάτες καὶ 700.224 αὐτοκίνητα. Ἐπίσης ἐλέγχθηκαν 8.940 πλοῖα καὶ ἐκδόθηκαν 476.160 ἔγγραφα.
